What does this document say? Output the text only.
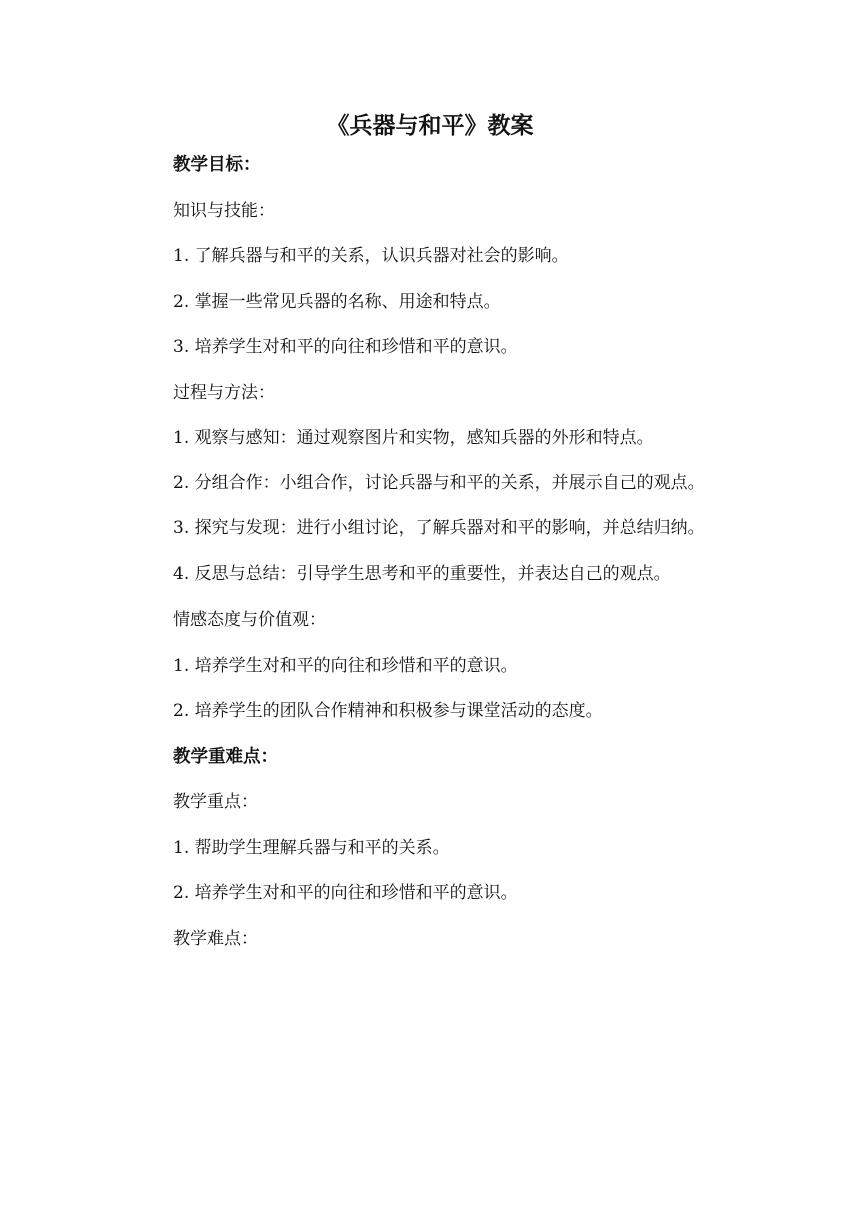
《兵器与和平》教案

教学目标：

知识与技能：

1. 了解兵器与和平的关系，认识兵器对社会的影响。

2. 掌握一些常见兵器的名称、用途和特点。

3. 培养学生对和平的向往和珍惜和平的意识。

过程与方法：

1. 观察与感知：通过观察图片和实物，感知兵器的外形和特点。

2. 分组合作：小组合作，讨论兵器与和平的关系，并展示自己的观点。

3. 探究与发现：进行小组讨论，了解兵器对和平的影响，并总结归纳。

4. 反思与总结：引导学生思考和平的重要性，并表达自己的观点。

情感态度与价值观：

1. 培养学生对和平的向往和珍惜和平的意识。

2. 培养学生的团队合作精神和积极参与课堂活动的态度。

教学重难点：

教学重点：

1. 帮助学生理解兵器与和平的关系。

2. 培养学生对和平的向往和珍惜和平的意识。

教学难点：
